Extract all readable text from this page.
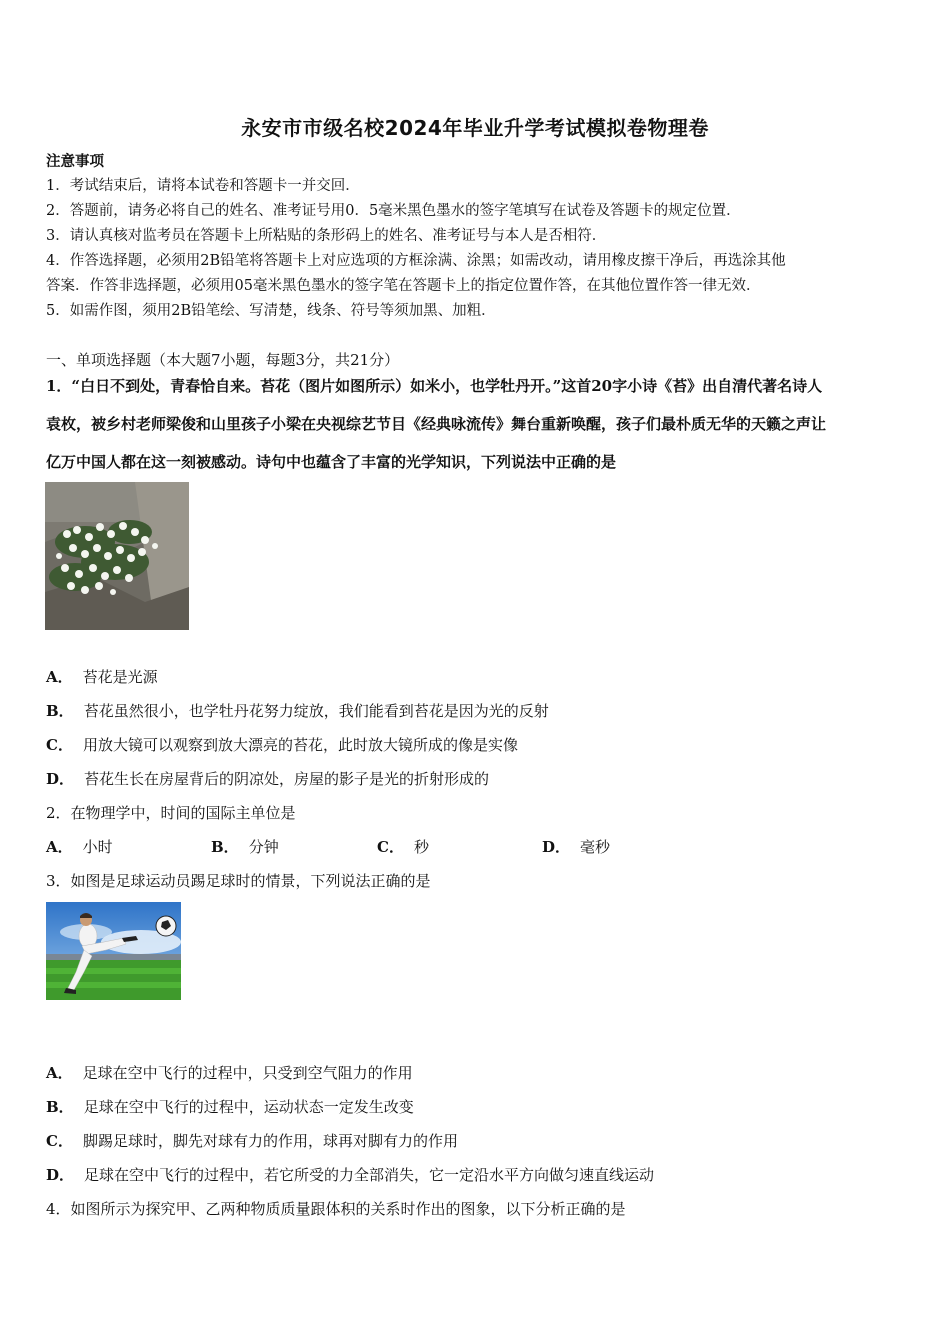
永安市市级名校2024年毕业升学考试模拟卷物理卷
注意事项
1．考试结束后，请将本试卷和答题卡一并交回．
2．答题前，请务必将自己的姓名、准考证号用0．5毫米黑色墨水的签字笔填写在试卷及答题卡的规定位置．
3．请认真核对监考员在答题卡上所粘贴的条形码上的姓名、准考证号与本人是否相符．
4．作答选择题，必须用2B铅笔将答题卡上对应选项的方框涂满、涂黑；如需改动，请用橡皮擦干净后，再选涂其他
答案．作答非选择题，必须用05毫米黑色墨水的签字笔在答题卡上的指定位置作答，在其他位置作答一律无效．
5．如需作图，须用2B铅笔绘、写清楚，线条、符号等须加黑、加粗．
一、单项选择题（本大题7小题，每题3分，共21分）
1．“白日不到处，青春恰自来。苔花（图片如图所示）如米小，也学牡丹开。”这首20字小诗《苔》出自清代著名诗人
袁枚，被乡村老师梁俊和山里孩子小梁在央视综艺节目《经典咏流传》舞台重新唤醒，孩子们最朴质无华的天籁之声让
亿万中国人都在这一刻被感动。诗句中也蕴含了丰富的光学知识，下列说法中正确的是
A． 苔花是光源
B． 苔花虽然很小，也学牡丹花努力绽放，我们能看到苔花是因为光的反射
C． 用放大镜可以观察到放大漂亮的苔花，此时放大镜所成的像是实像
D． 苔花生长在房屋背后的阴凉处，房屋的影子是光的折射形成的
2．在物理学中，时间的国际主单位是
A． 小时	B． 分钟	C． 秒	D． 毫秒
3．如图是足球运动员踢足球时的情景，下列说法正确的是
A． 足球在空中飞行的过程中，只受到空气阻力的作用
B． 足球在空中飞行的过程中，运动状态一定发生改变
C． 脚踢足球时，脚先对球有力的作用，球再对脚有力的作用
D． 足球在空中飞行的过程中，若它所受的力全部消失，它一定沿水平方向做匀速直线运动
4．如图所示为探究甲、乙两种物质质量跟体积的关系时作出的图象，以下分析正确的是
